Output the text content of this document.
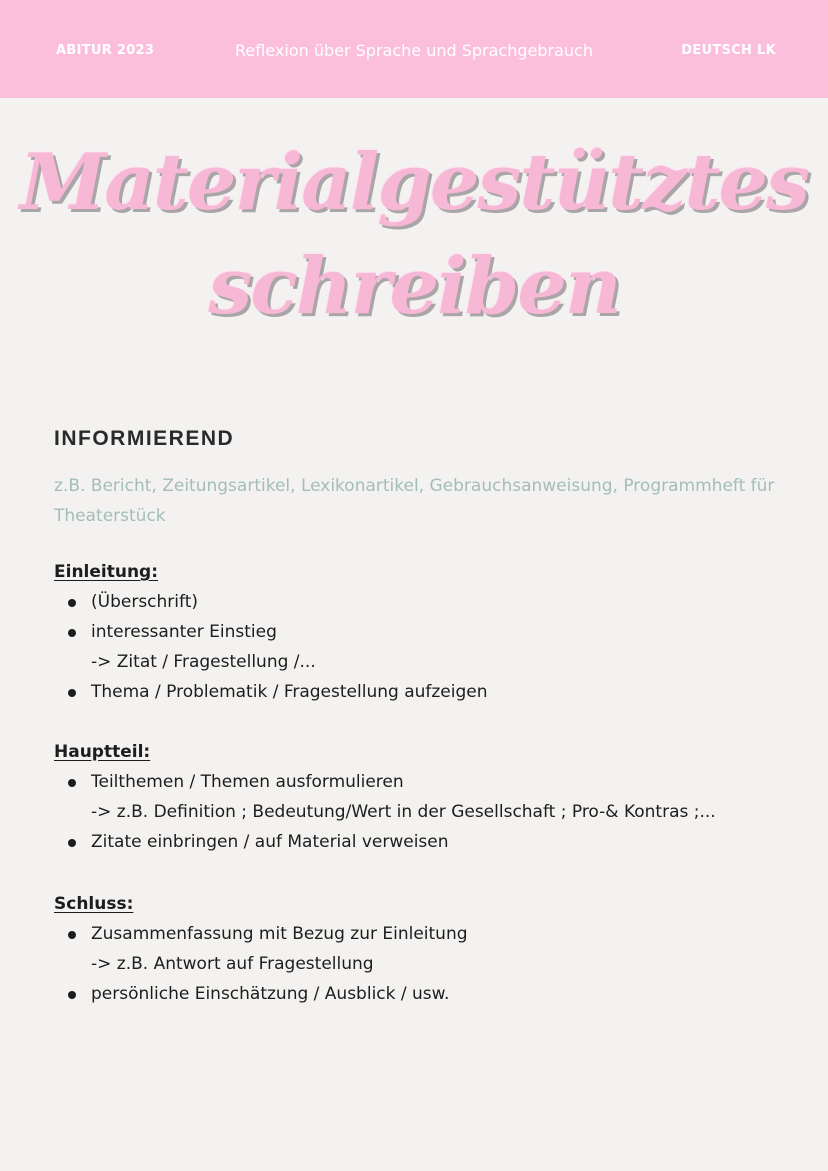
ABITUR 2023	Reflexion über Sprache und Sprachgebrauch	DEUTSCH LK
Materialgestütztes
schreiben
INFORMIEREND
z.B. Bericht, Zeitungsartikel, Lexikonartikel, Gebrauchsanweisung, Programmheft für Theaterstück
Einleitung:
(Überschrift)
interessanter Einstieg
-> Zitat / Fragestellung /...
Thema / Problematik / Fragestellung aufzeigen
Hauptteil:
Teilthemen / Themen ausformulieren
-> z.B. Definition ; Bedeutung/Wert in der Gesellschaft ; Pro-& Kontras ;...
Zitate einbringen / auf Material verweisen
Schluss:
Zusammenfassung mit Bezug zur Einleitung
-> z.B. Antwort auf Fragestellung
persönliche Einschätzung / Ausblick / usw.
